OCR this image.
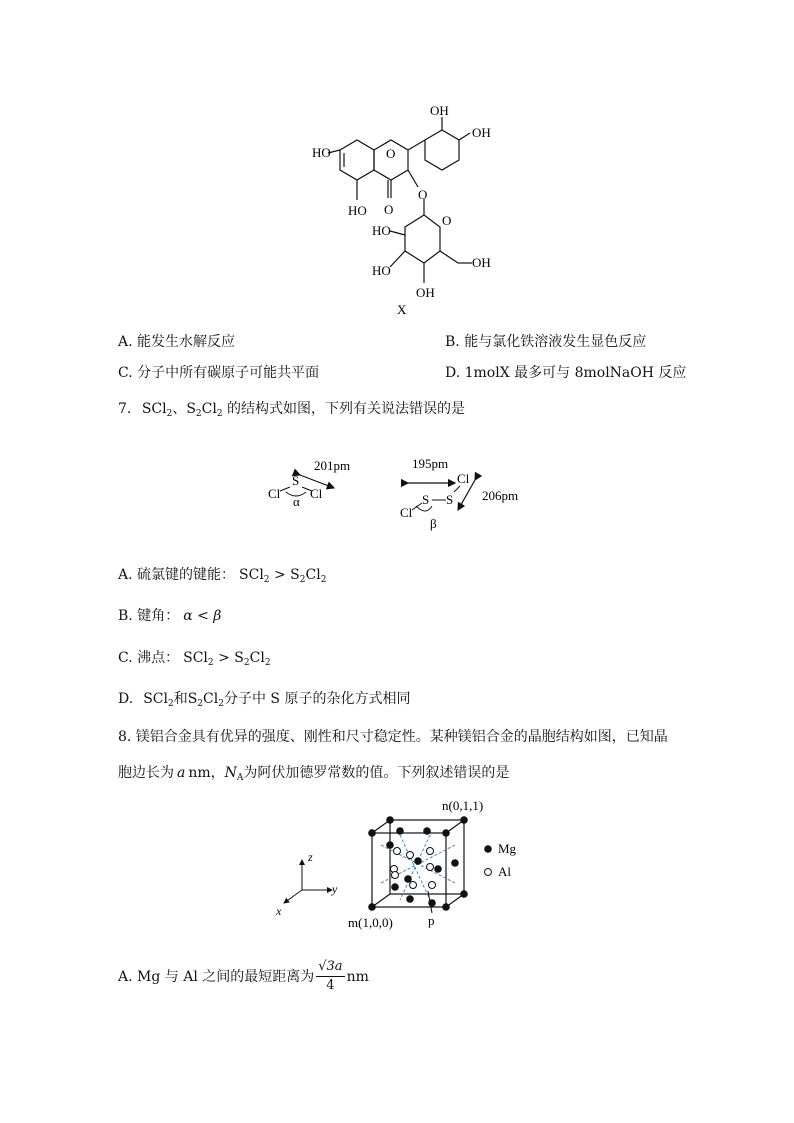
HO
HO
OH
OH
O
O
O
O
HO
HO
OH
OH
X
A. 能发生水解反应	B. 能与氯化铁溶液发生显色反应
C. 分子中所有碳原子可能共平面	D. 1molX 最多可与 8molNaOH 反应
7. SCl$_2$、$S_2Cl_2$ 的结构式如图，下列有关说法错误的是
S
Cl Cl
α
201pm	195pm
Cl
S
S
Cl
β
206pm
A. 硫氯键的键能： $SCl_2 > S_2Cl_2$
B. 键角： α < β
C. 沸点： $SCl_2 > S_2Cl_2$
D. SCl$_2$和$S_2Cl_2$分子中 S 原子的杂化方式相同
8. 镁铝合金具有优异的强度、刚性和尺寸稳定性。某种镁铝合金的晶胞结构如图，已知晶
胞边长为 a nm，$N_A$为阿伏加德罗常数的值。下列叙述错误的是
z
y
x
n(0,1,1)
m(1,0,0)	p
Mg
Al
A. Mg 与 Al 之间的最短距离为
√3a
4
nm
